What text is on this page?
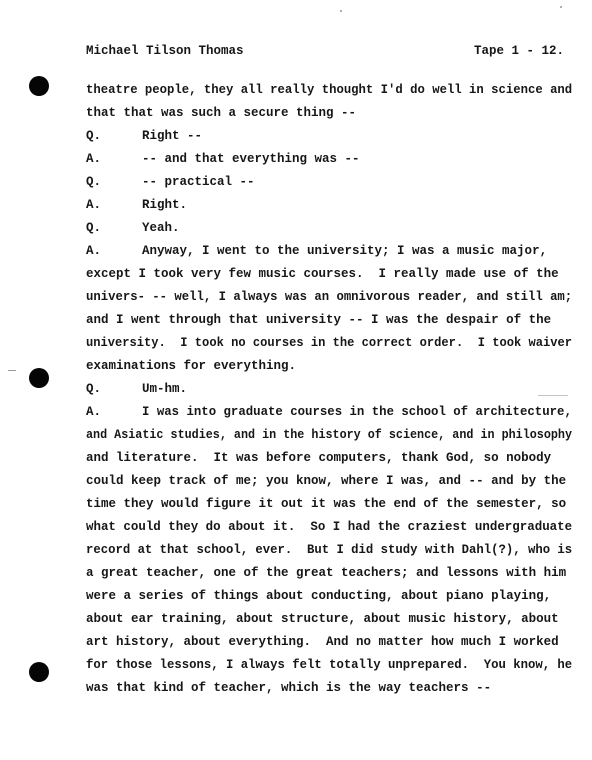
Michael Tilson Thomas	Tape 1 - 12.
theatre people, they all really thought I'd do well in science and
that that was such a secure thing --
Q.	Right --
A.	-- and that everything was --
Q.	-- practical --
A.	Right.
Q.	Yeah.
A.	Anyway, I went to the university; I was a music major,
except I took very few music courses.  I really made use of the
univers- -- well, I always was an omnivorous reader, and still am;
and I went through that university -- I was the despair of the
university.  I took no courses in the correct order.  I took waiver
examinations for everything.
Q.	Um-hm.
A.	I was into graduate courses in the school of architecture,
and Asiatic studies, and in the history of science, and in philosophy
and literature.  It was before computers, thank God, so nobody
could keep track of me; you know, where I was, and -- and by the
time they would figure it out it was the end of the semester, so
what could they do about it.  So I had the craziest undergraduate
record at that school, ever.  But I did study with Dahl(?), who is
a great teacher, one of the great teachers; and lessons with him
were a series of things about conducting, about piano playing,
about ear training, about structure, about music history, about
art history, about everything.  And no matter how much I worked
for those lessons, I always felt totally unprepared.  You know, he
was that kind of teacher, which is the way teachers --
